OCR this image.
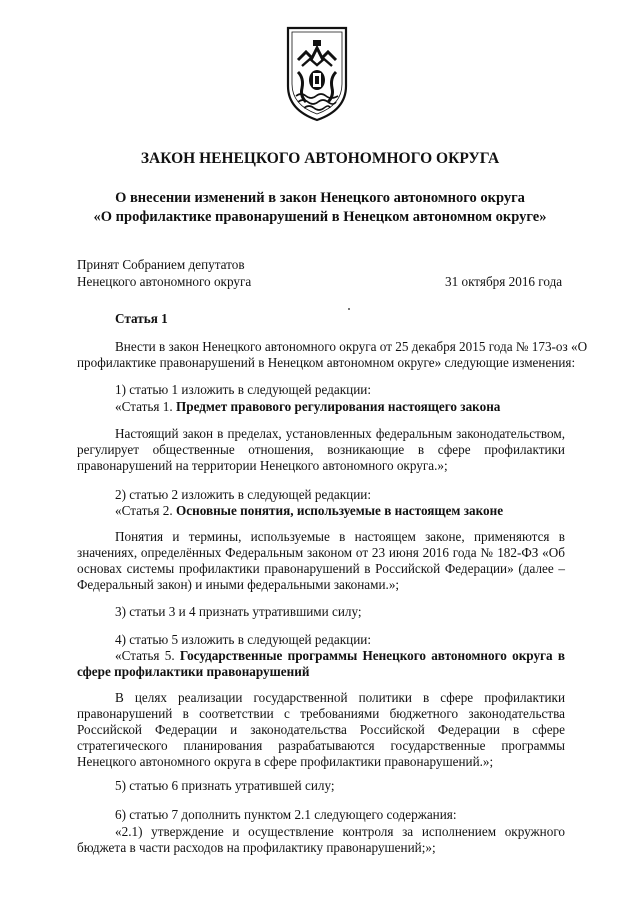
ЗАКОН НЕНЕЦКОГО АВТОНОМНОГО ОКРУГА
О внесении изменений в закон Ненецкого автономного округа
«О профилактике правонарушений в Ненецком автономном округе»
Принят Собранием депутатов
Ненецкого автономного округа	31 октября 2016 года
Статья 1
Внести в закон Ненецкого автономного округа от 25 декабря 2015 года № 173-оз «О
профилактике правонарушений в Ненецком автономном округе» следующие изменения:
1) статью 1 изложить в следующей редакции:
«Статья 1. Предмет правового регулирования настоящего закона
Настоящий закон в пределах, установленных федеральным законодательством, регулирует общественные отношения, возникающие в сфере профилактики правонарушений на территории Ненецкого автономного округа.»;
2) статью 2 изложить в следующей редакции:
«Статья 2. Основные понятия, используемые в настоящем законе
Понятия и термины, используемые в настоящем законе, применяются в значениях, определённых Федеральным законом от 23 июня 2016 года № 182-ФЗ «Об основах системы профилактики правонарушений в Российской Федерации» (далее – Федеральный закон) и иными федеральными законами.»;
3) статьи 3 и 4 признать утратившими силу;
4) статью 5 изложить в следующей редакции:
«Статья 5. Государственные программы Ненецкого автономного округа в сфере профилактики правонарушений
В целях реализации государственной политики в сфере профилактики правонарушений в соответствии с требованиями бюджетного законодательства Российской Федерации и законодательства Российской Федерации в сфере стратегического планирования разрабатываются государственные программы Ненецкого автономного округа в сфере профилактики правонарушений.»;
5) статью 6 признать утратившей силу;
6) статью 7 дополнить пунктом 2.1 следующего содержания:
«2.1) утверждение и осуществление контроля за исполнением окружного бюджета в части расходов на профилактику правонарушений;»;
